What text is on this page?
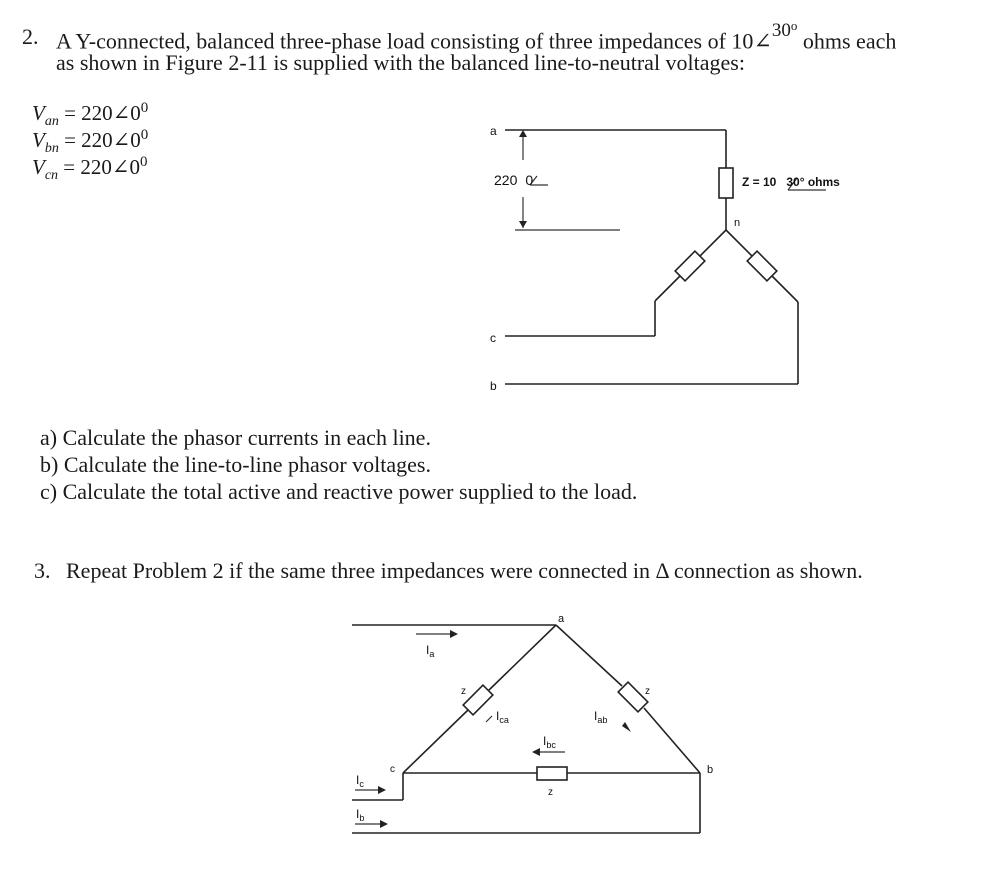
2. A Y-connected, balanced three-phase load consisting of three impedances of 10∠$^{30^o}$ ohms each
as shown in Figure 2-11 is supplied with the balanced line-to-neutral voltages:
$V_{an}$ = $220\angle 0^0$
$V_{bn}$ = $220\angle 0^0$
$V_{cn}$ = $220\angle 0^0$
a
c
b
n
220 0	Z = 10 30° ohms
a) Calculate the phasor currents in each line.
b) Calculate the line-to-line phasor voltages.
c) Calculate the total active and reactive power supplied to the load.
3. Repeat Problem 2 if the same three impedances were connected in Δ connection as shown.
a
c	b
$I_a$
$I_c$
$I_b$
$I_{ca}$	$I_{ab}$
$I_{bc}$
z	z
z
